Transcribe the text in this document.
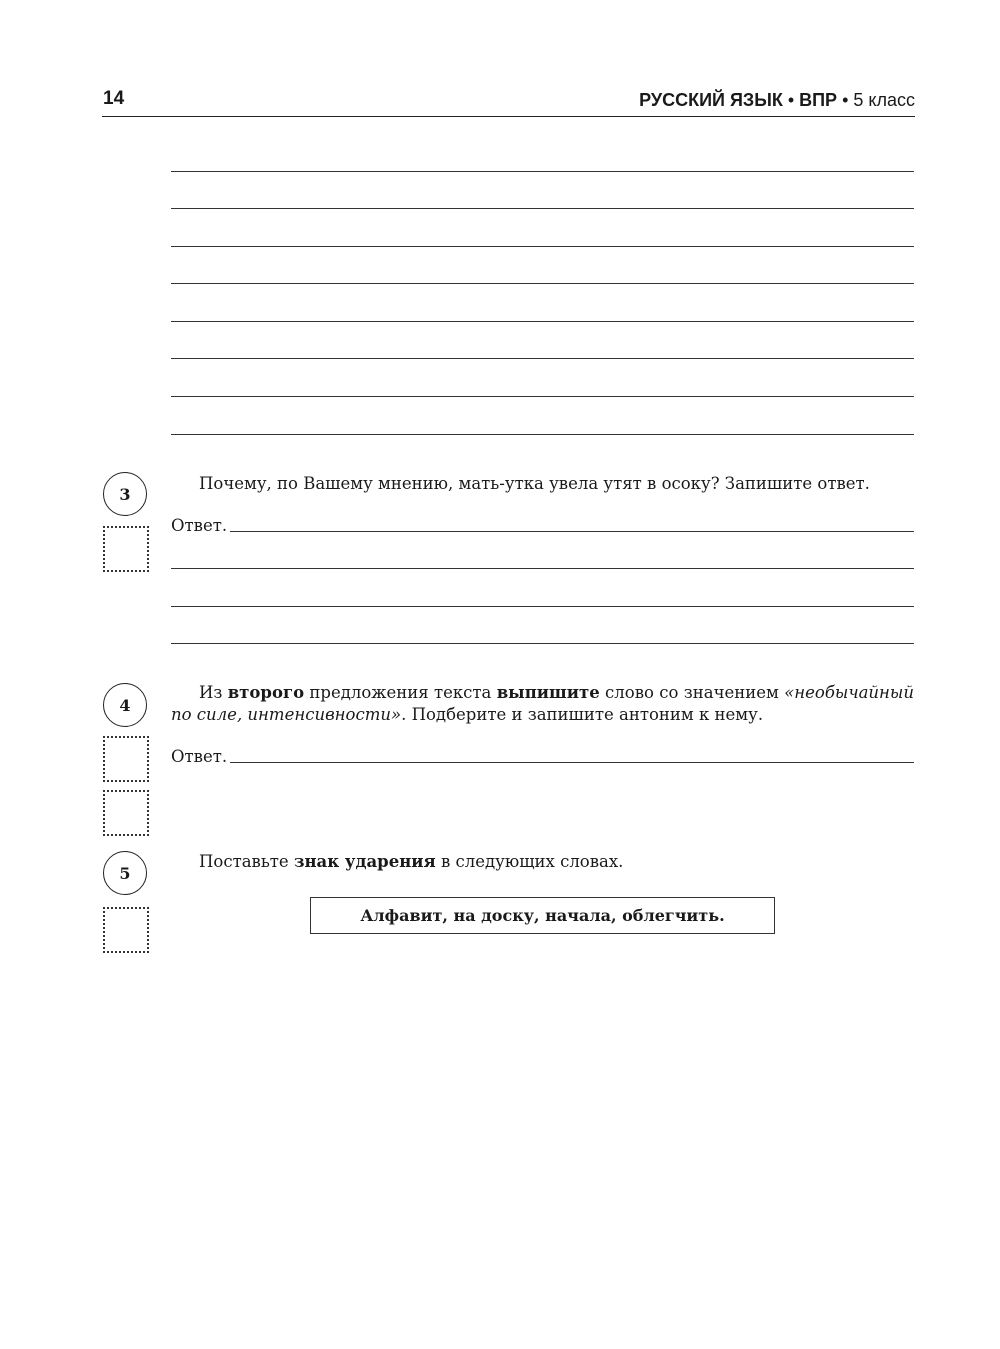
14	РУССКИЙ ЯЗЫК • ВПР • 5 класс
3
Почему, по Вашему мнению, мать-утка увела утят в осоку? Запишите ответ.
Ответ.
4
Из второго предложения текста выпишите слово со значением «необычайный по силе, интенсивности». Подберите и запишите антоним к нему.
Ответ.
5
Поставьте знак ударения в следующих словах.
Алфавит, на доску, начала, облегчить.
